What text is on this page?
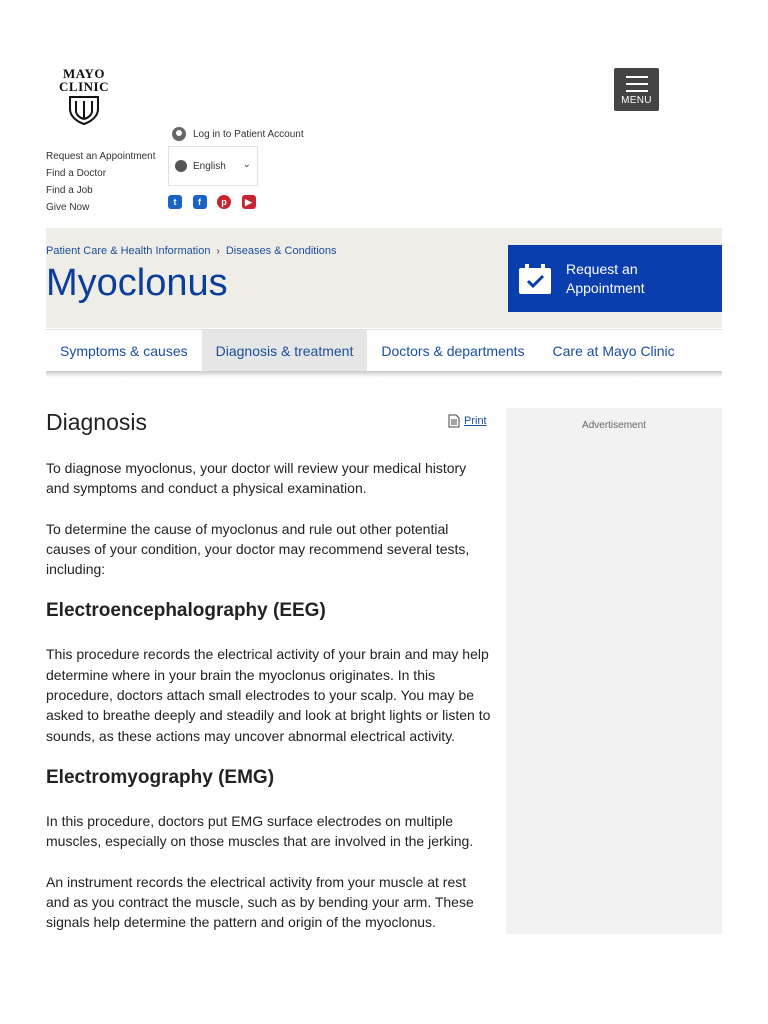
MAYO
CLINIC
MENU
Log in to Patient Account
Request an Appointment
Find a Doctor
Find a Job
Give Now
English ⌄
t	f	p	▶
Patient Care & Health Information › Diseases & Conditions
Myoclonus	Request an
Appointment
Symptoms & causes	Diagnosis & treatment	Doctors & departments	Care at Mayo Clinic
Diagnosis

To diagnose myoclonus, your doctor will review your medical history and symptoms and conduct a physical examination.

To determine the cause of myoclonus and rule out other potential causes of your condition, your doctor may recommend several tests, including:

Electroencephalography (EEG)

This procedure records the electrical activity of your brain and may help determine where in your brain the myoclonus originates. In this procedure, doctors attach small electrodes to your scalp. You may be asked to breathe deeply and steadily and look at bright lights or listen to sounds, as these actions may uncover abnormal electrical activity.

Electromyography (EMG)

In this procedure, doctors put EMG surface electrodes on multiple muscles, especially on those muscles that are involved in the jerking.

An instrument records the electrical activity from your muscle at rest and as you contract the muscle, such as by bending your arm. These signals help determine the pattern and origin of the myoclonus.

Print	Advertisement
